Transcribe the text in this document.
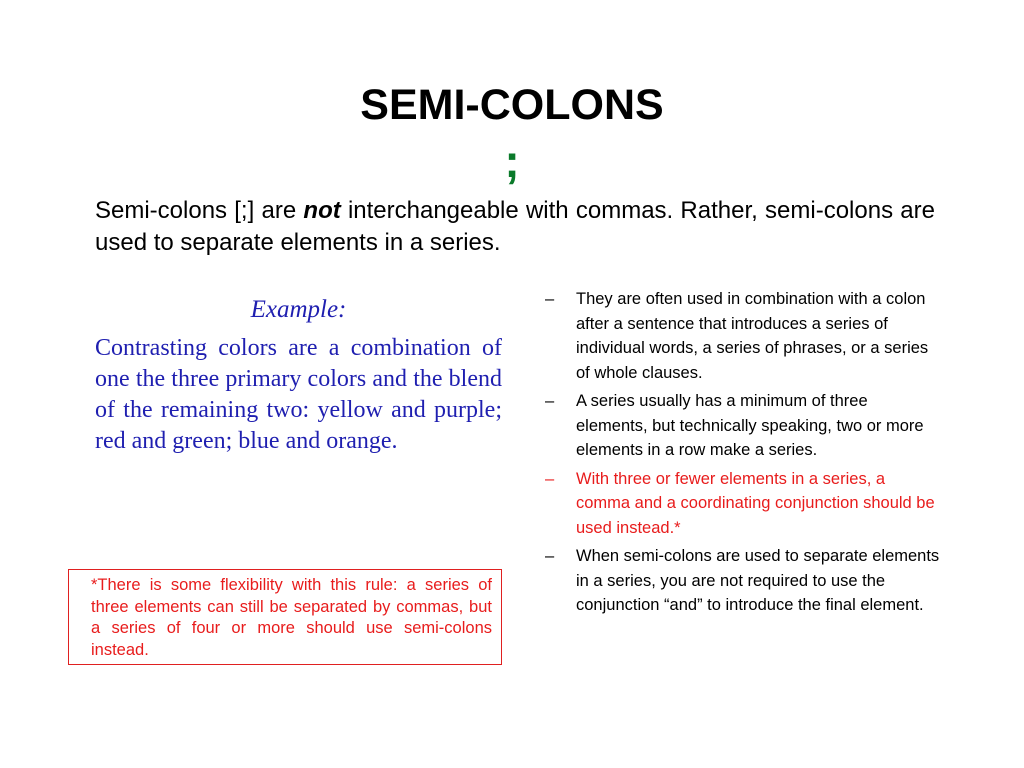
SEMI-COLONS
;

Semi-colons [;] are not interchangeable with commas. Rather, semi-colons are used to separate elements in a series.

Example:

Contrasting colors are a combination of one the three primary colors and the blend of the remaining two: yellow and purple; red and green; blue and orange.

*There is some flexibility with this rule: a series of three elements can still be separated by commas, but a series of four or more should use semi-colons instead.

– They are often used in combination with a colon after a sentence that introduces a series of individual words, a series of phrases, or a series of whole clauses.
– A series usually has a minimum of three elements, but technically speaking, two or more elements in a row make a series.
– With three or fewer elements in a series, a comma and a coordinating conjunction should be used instead.*
– When semi-colons are used to separate elements in a series, you are not required to use the conjunction “and” to introduce the final element.
